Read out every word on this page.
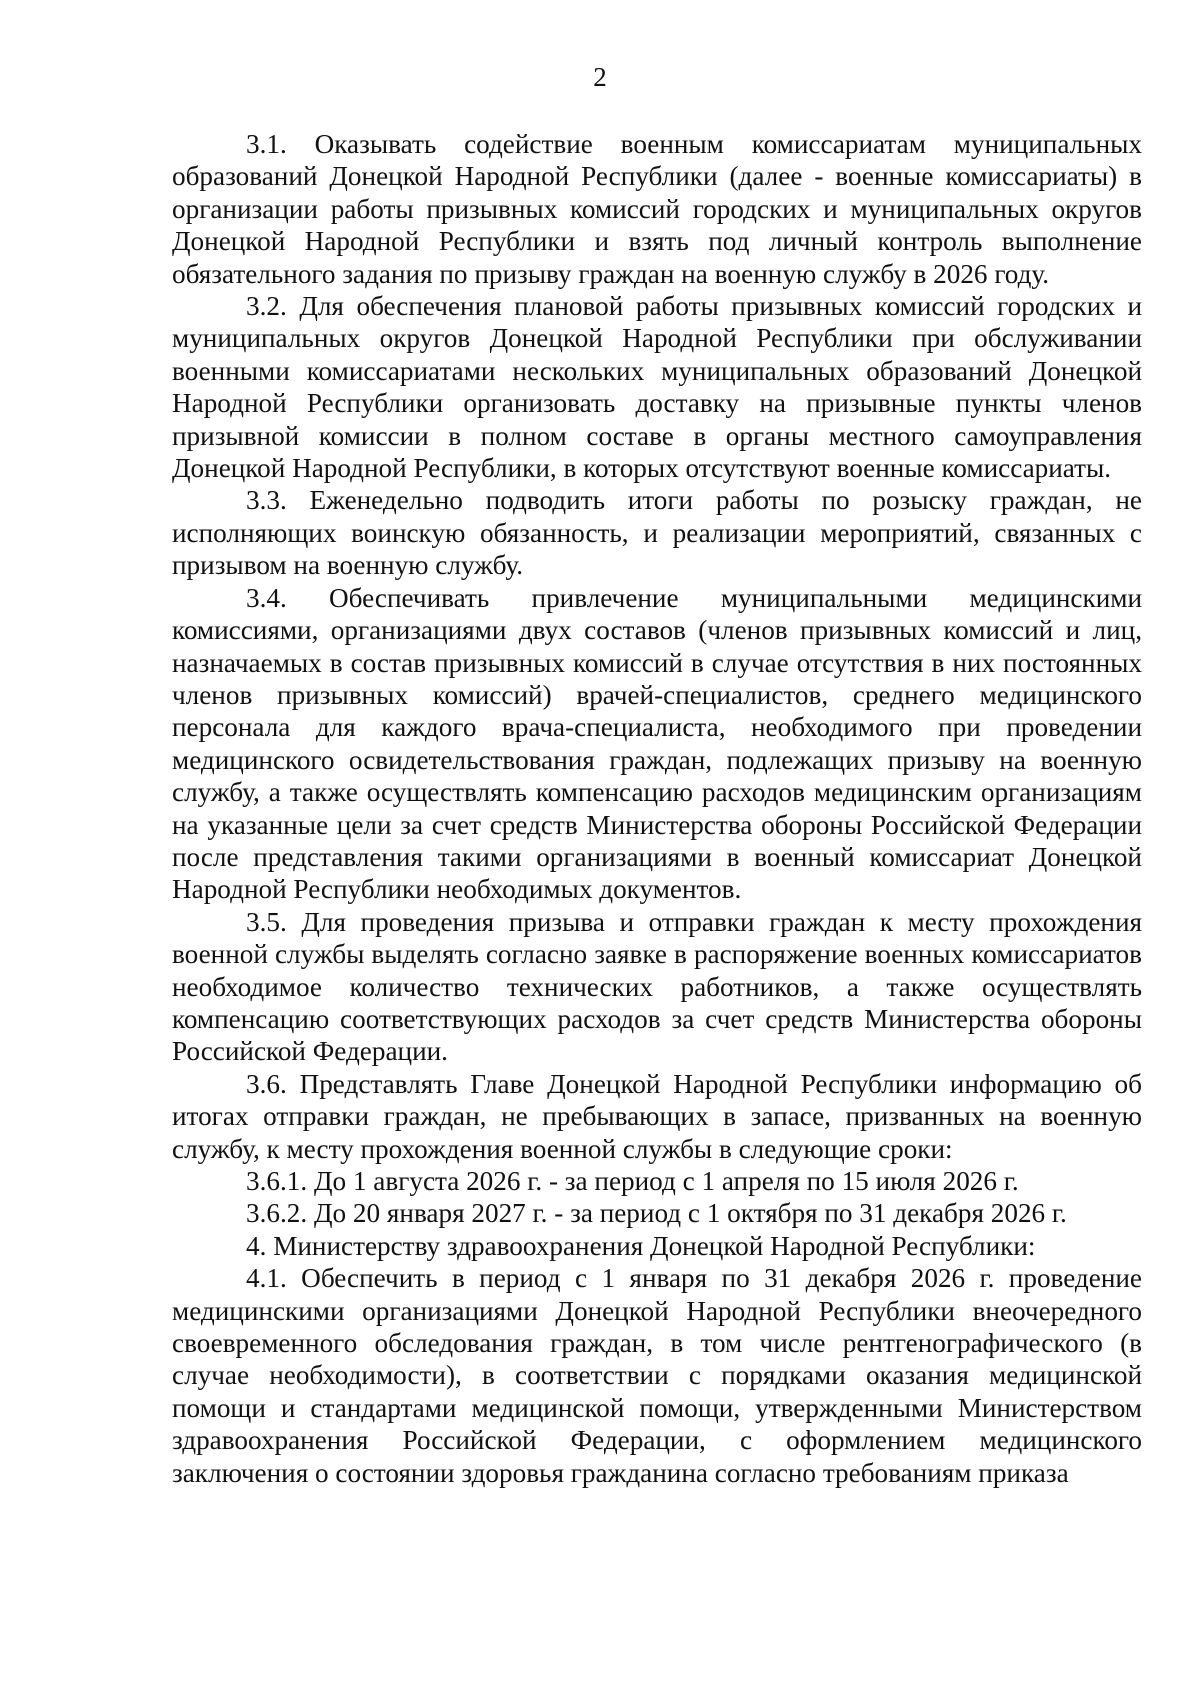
2

3.1. Оказывать содействие военным комиссариатам муниципальных образований Донецкой Народной Республики (далее - военные комиссариаты) в организации работы призывных комиссий городских и муниципальных округов Донецкой Народной Республики и взять под личный контроль выполнение обязательного задания по призыву граждан на военную службу в 2026 году.

3.2. Для обеспечения плановой работы призывных комиссий городских и муниципальных округов Донецкой Народной Республики при обслуживании военными комиссариатами нескольких муниципальных образований Донецкой Народной Республики организовать доставку на призывные пункты членов призывной комиссии в полном составе в органы местного самоуправления Донецкой Народной Республики, в которых отсутствуют военные комиссариаты.

3.3. Еженедельно подводить итоги работы по розыску граждан, не исполняющих воинскую обязанность, и реализации мероприятий, связанных с призывом на военную службу.

3.4. Обеспечивать привлечение муниципальными медицинскими комиссиями, организациями двух составов (членов призывных комиссий и лиц, назначаемых в состав призывных комиссий в случае отсутствия в них постоянных членов призывных комиссий) врачей-специалистов, среднего медицинского персонала для каждого врача-специалиста, необходимого при проведении медицинского освидетельствования граждан, подлежащих призыву на военную службу, а также осуществлять компенсацию расходов медицинским организациям на указанные цели за счет средств Министерства обороны Российской Федерации после представления такими организациями в военный комиссариат Донецкой Народной Республики необходимых документов.

3.5. Для проведения призыва и отправки граждан к месту прохождения военной службы выделять согласно заявке в распоряжение военных комиссариатов необходимое количество технических работников, а также осуществлять компенсацию соответствующих расходов за счет средств Министерства обороны Российской Федерации.

3.6. Представлять Главе Донецкой Народной Республики информацию об итогах отправки граждан, не пребывающих в запасе, призванных на военную службу, к месту прохождения военной службы в следующие сроки:

3.6.1. До 1 августа 2026 г. - за период с 1 апреля по 15 июля 2026 г.

3.6.2. До 20 января 2027 г. - за период с 1 октября по 31 декабря 2026 г.

4. Министерству здравоохранения Донецкой Народной Республики:

4.1. Обеспечить в период с 1 января по 31 декабря 2026 г. проведение медицинскими организациями Донецкой Народной Республики внеочередного своевременного обследования граждан, в том числе рентгенографического (в случае необходимости), в соответствии с порядками оказания медицинской помощи и стандартами медицинской помощи, утвержденными Министерством здравоохранения Российской Федерации, с оформлением медицинского заключения о состоянии здоровья гражданина согласно требованиям приказа
